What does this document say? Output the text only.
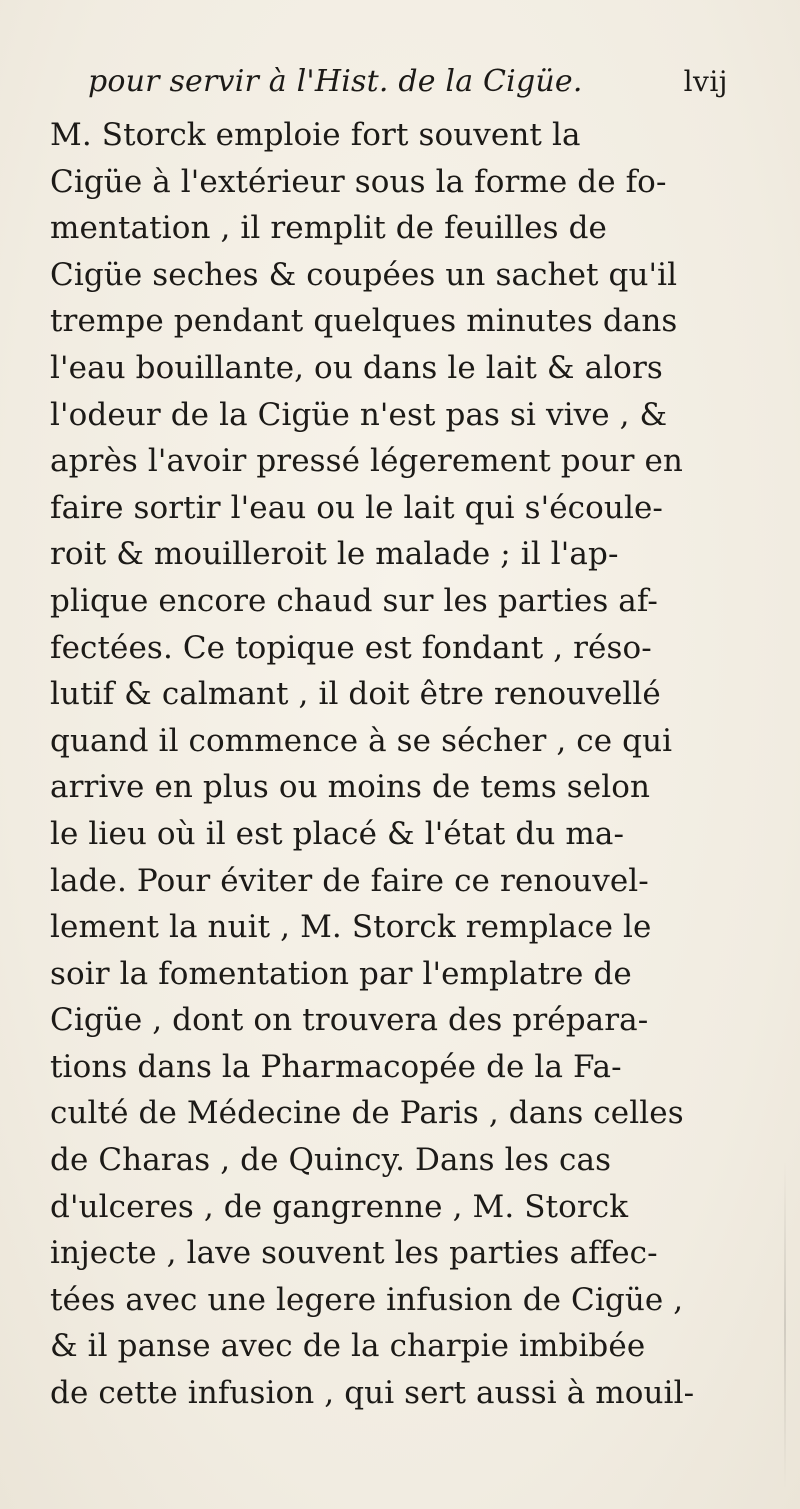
pour servir à l'Hist. de la Cigüe.	lvij
M. Storck emploie fort souvent la
Cigüe à l'extérieur sous la forme de fo-
mentation , il remplit de feuilles de
Cigüe seches & coupées un sachet qu'il
trempe pendant quelques minutes dans
l'eau bouillante, ou dans le lait & alors
l'odeur de la Cigüe n'est pas si vive , &
après l'avoir pressé légerement pour en
faire sortir l'eau ou le lait qui s'écoule-
roit & mouilleroit le malade ; il l'ap-
plique encore chaud sur les parties af-
fectées. Ce topique est fondant , réso-
lutif & calmant , il doit être renouvellé
quand il commence à se sécher , ce qui
arrive en plus ou moins de tems selon
le lieu où il est placé & l'état du ma-
lade. Pour éviter de faire ce renouvel-
lement la nuit , M. Storck remplace le
soir la fomentation par l'emplatre de
Cigüe , dont on trouvera des prépara-
tions dans la Pharmacopée de la Fa-
culté de Médecine de Paris , dans celles
de Charas , de Quincy. Dans les cas
d'ulceres , de gangrenne , M. Storck
injecte , lave souvent les parties affec-
tées avec une legere infusion de Cigüe ,
& il panse avec de la charpie imbibée
de cette infusion , qui sert aussi à mouil-
